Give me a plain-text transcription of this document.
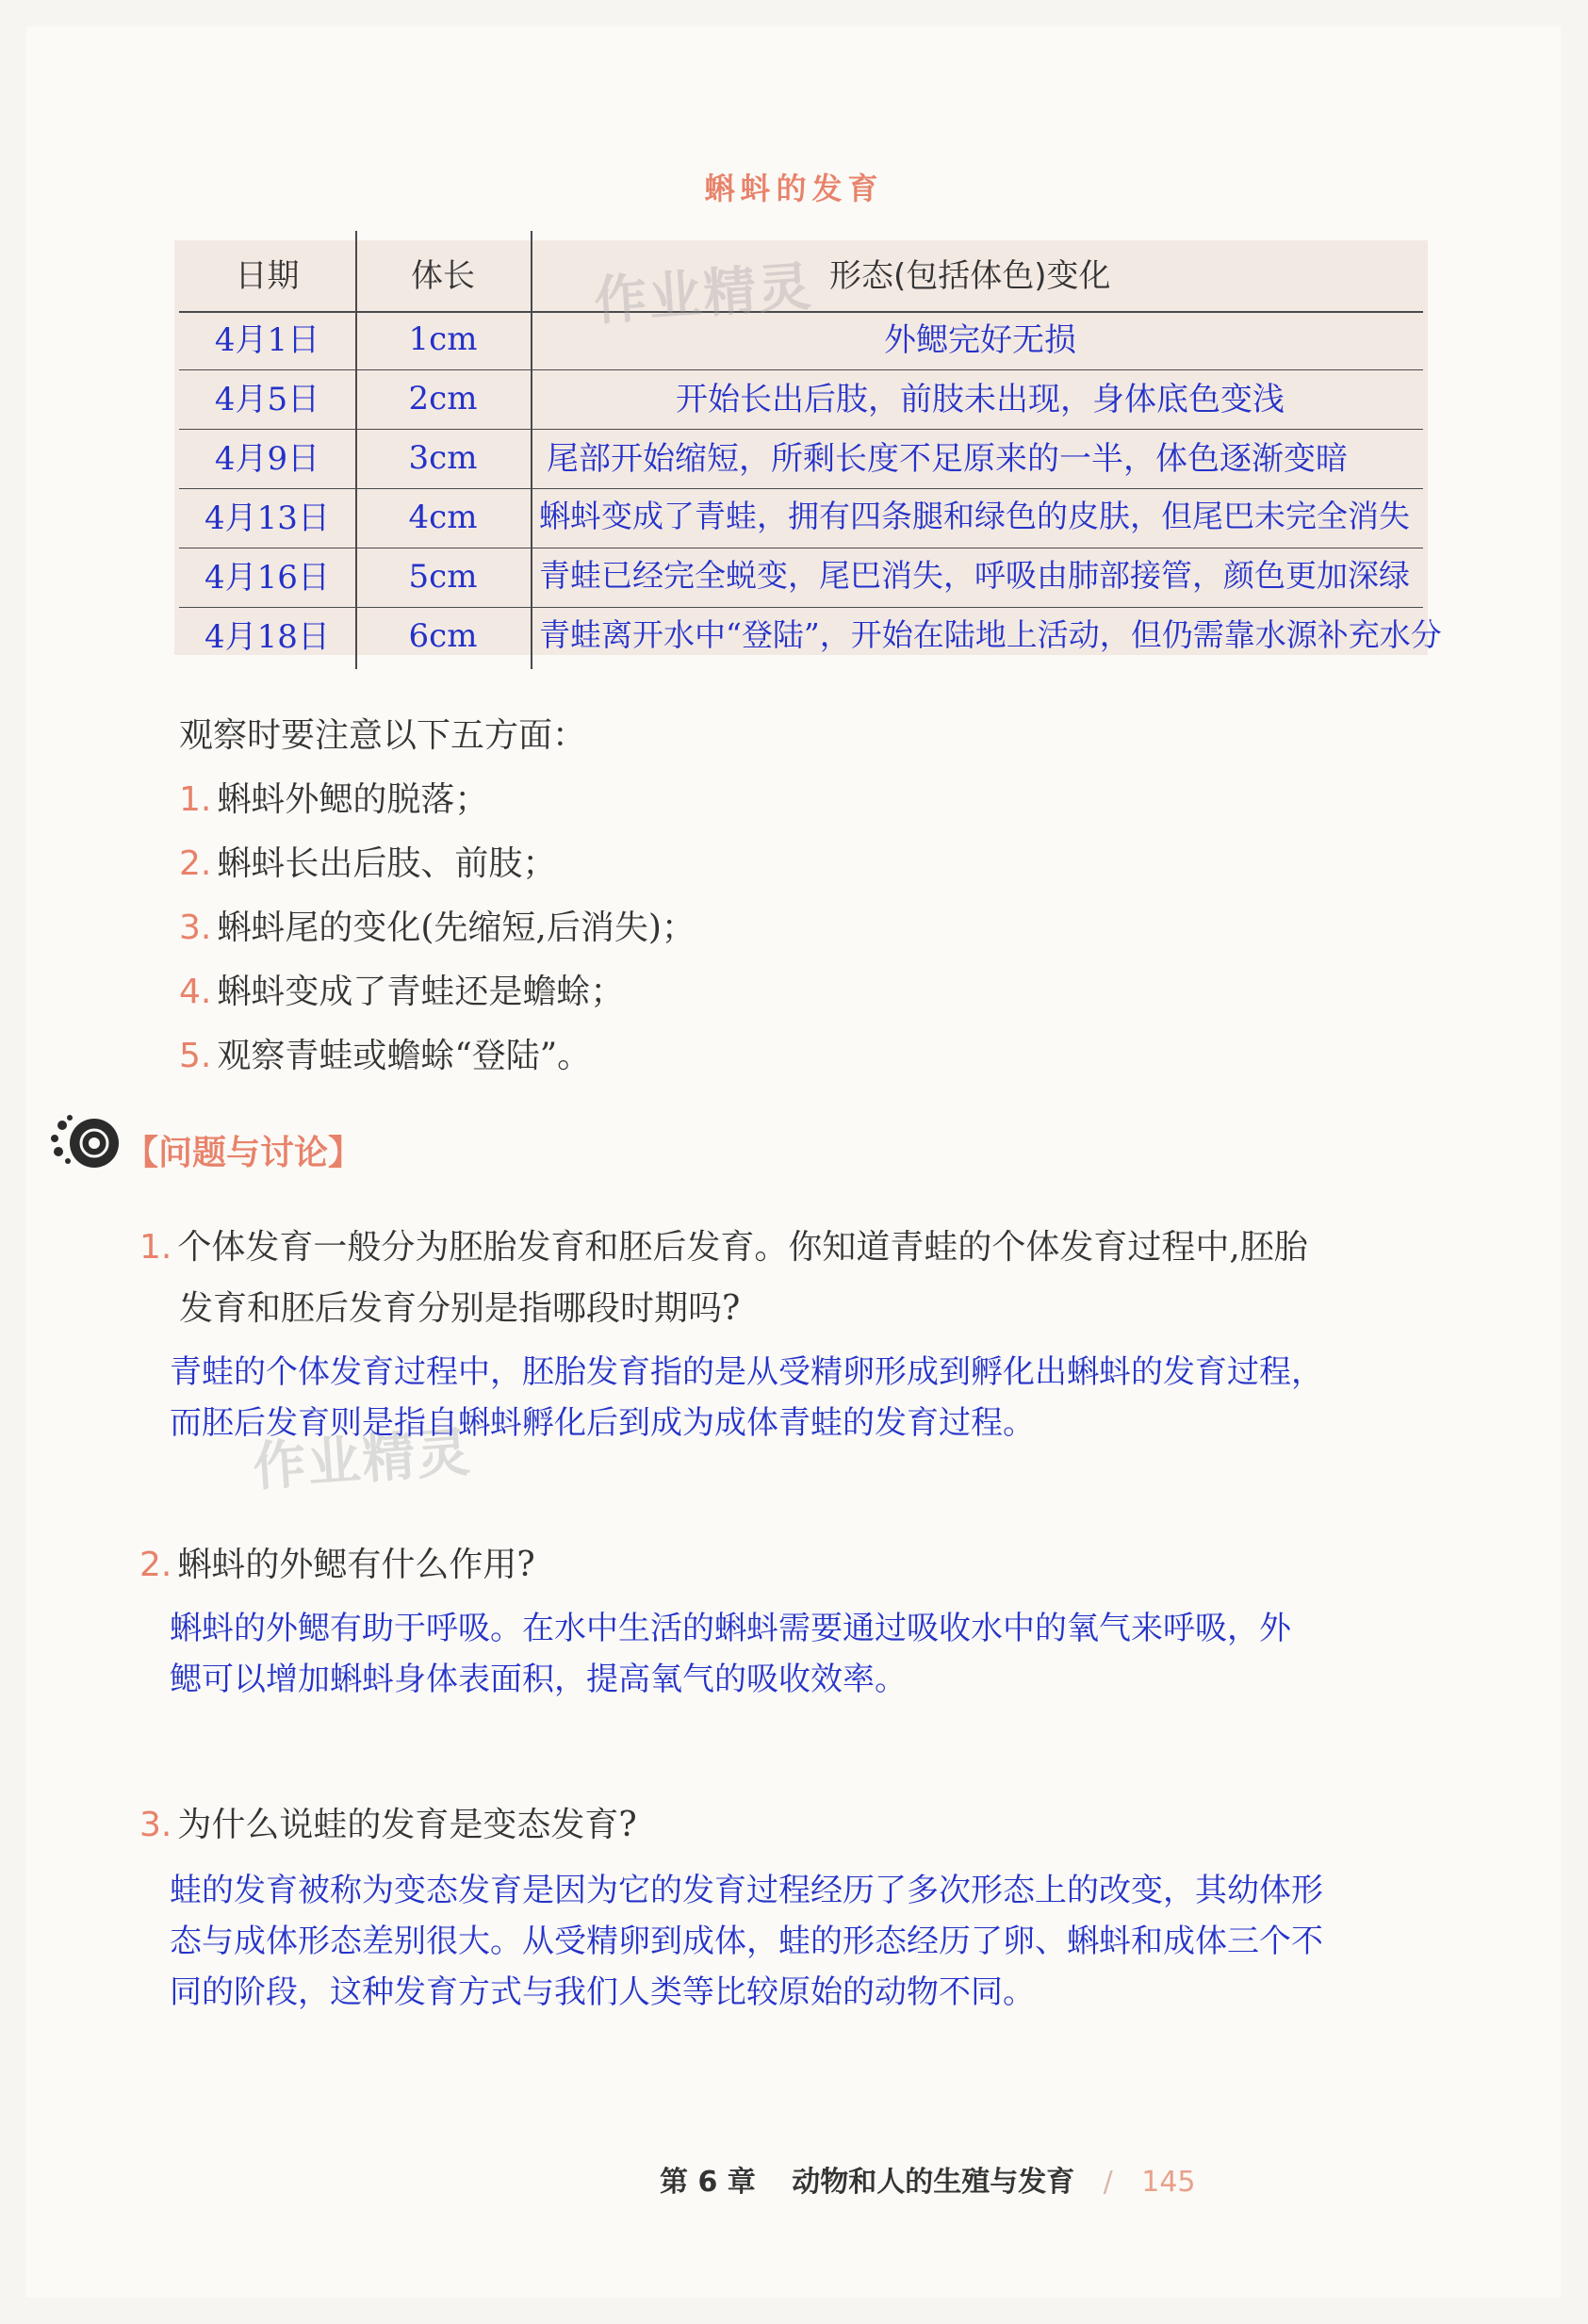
蝌蚪的发育
日期	体长	形态(包括体色)变化
4月1日	1cm	外鳃完好无损
4月5日	2cm	开始长出后肢，前肢未出现，身体底色变浅
4月9日	3cm	尾部开始缩短，所剩长度不足原来的一半，体色逐渐变暗
4月13日	4cm	蝌蚪变成了青蛙，拥有四条腿和绿色的皮肤，但尾巴未完全消失
4月16日	5cm	青蛙已经完全蜕变，尾巴消失，呼吸由肺部接管，颜色更加深绿
4月18日	6cm	青蛙离开水中“登陆”，开始在陆地上活动，但仍需靠水源补充水分
作业精灵
作业精灵
观察时要注意以下五方面：
1. 蝌蚪外鳃的脱落；
2. 蝌蚪长出后肢、前肢；
3. 蝌蚪尾的变化(先缩短,后消失)；
4. 蝌蚪变成了青蛙还是蟾蜍；
5. 观察青蛙或蟾蜍“登陆”。
【问题与讨论】
1. 个体发育一般分为胚胎发育和胚后发育。你知道青蛙的个体发育过程中,胚胎
发育和胚后发育分别是指哪段时期吗?
青蛙的个体发育过程中，胚胎发育指的是从受精卵形成到孵化出蝌蚪的发育过程，
而胚后发育则是指自蝌蚪孵化后到成为成体青蛙的发育过程。
2. 蝌蚪的外鳃有什么作用?
蝌蚪的外鳃有助于呼吸。在水中生活的蝌蚪需要通过吸收水中的氧气来呼吸，外
鳃可以增加蝌蚪身体表面积，提高氧气的吸收效率。
3. 为什么说蛙的发育是变态发育?
蛙的发育被称为变态发育是因为它的发育过程经历了多次形态上的改变，其幼体形
态与成体形态差别很大。从受精卵到成体，蛙的形态经历了卵、蝌蚪和成体三个不
同的阶段，这种发育方式与我们人类等比较原始的动物不同。
第 6 章 动物和人的生殖与发育 / 145
